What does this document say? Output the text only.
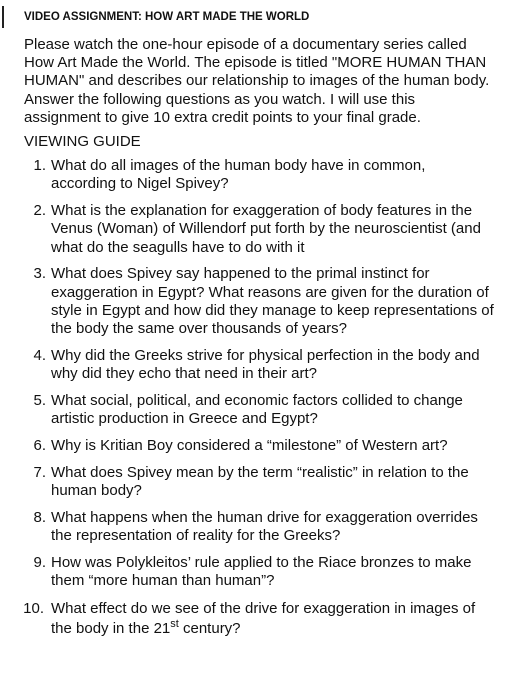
VIDEO ASSIGNMENT: HOW ART MADE THE WORLD

Please watch the one-hour episode of a documentary series called How Art Made the World. The episode is titled "MORE HUMAN THAN HUMAN" and describes our relationship to images of the human body. Answer the following questions as you watch. I will use this assignment to give 10 extra credit points to your final grade.

VIEWING GUIDE
1. What do all images of the human body have in common, according to Nigel Spivey?
2. What is the explanation for exaggeration of body features in the Venus (Woman) of Willendorf put forth by the neuroscientist (and what do the seagulls have to do with it
3. What does Spivey say happened to the primal instinct for exaggeration in Egypt? What reasons are given for the duration of style in Egypt and how did they manage to keep representations of the body the same over thousands of years?
4. Why did the Greeks strive for physical perfection in the body and why did they echo that need in their art?
5. What social, political, and economic factors collided to change artistic production in Greece and Egypt?
6. Why is Kritian Boy considered a “milestone” of Western art?
7. What does Spivey mean by the term “realistic” in relation to the human body?
8. What happens when the human drive for exaggeration overrides the representation of reality for the Greeks?
9. How was Polykleitos’ rule applied to the Riace bronzes to make them “more human than human”?
10. What effect do we see of the drive for exaggeration in images of the body in the 21st century?
